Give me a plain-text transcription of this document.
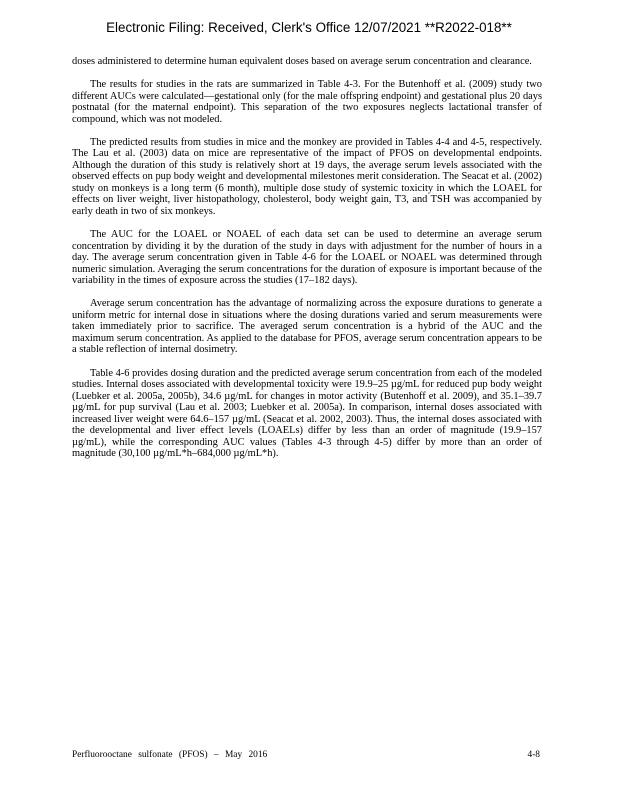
Electronic Filing: Received, Clerk's Office 12/07/2021 **R2022-018**

doses administered to determine human equivalent doses based on average serum concentration and clearance.

The results for studies in the rats are summarized in Table 4-3. For the Butenhoff et al. (2009) study two different AUCs were calculated—gestational only (for the male offspring endpoint) and gestational plus 20 days postnatal (for the maternal endpoint). This separation of the two exposures neglects lactational transfer of compound, which was not modeled.

The predicted results from studies in mice and the monkey are provided in Tables 4-4 and 4-5, respectively. The Lau et al. (2003) data on mice are representative of the impact of PFOS on developmental endpoints. Although the duration of this study is relatively short at 19 days, the average serum levels associated with the observed effects on pup body weight and developmental milestones merit consideration. The Seacat et al. (2002) study on monkeys is a long term (6 month), multiple dose study of systemic toxicity in which the LOAEL for effects on liver weight, liver histopathology, cholesterol, body weight gain, T3, and TSH was accompanied by early death in two of six monkeys.

The AUC for the LOAEL or NOAEL of each data set can be used to determine an average serum concentration by dividing it by the duration of the study in days with adjustment for the number of hours in a day. The average serum concentration given in Table 4-6 for the LOAEL or NOAEL was determined through numeric simulation. Averaging the serum concentrations for the duration of exposure is important because of the variability in the times of exposure across the studies (17–182 days).

Average serum concentration has the advantage of normalizing across the exposure durations to generate a uniform metric for internal dose in situations where the dosing durations varied and serum measurements were taken immediately prior to sacrifice. The averaged serum concentration is a hybrid of the AUC and the maximum serum concentration. As applied to the database for PFOS, average serum concentration appears to be a stable reflection of internal dosimetry.

Table 4-6 provides dosing duration and the predicted average serum concentration from each of the modeled studies. Internal doses associated with developmental toxicity were 19.9–25 µg/mL for reduced pup body weight (Luebker et al. 2005a, 2005b), 34.6 µg/mL for changes in motor activity (Butenhoff et al. 2009), and 35.1–39.7 µg/mL for pup survival (Lau et al. 2003; Luebker et al. 2005a). In comparison, internal doses associated with increased liver weight were 64.6–157 µg/mL (Seacat et al. 2002, 2003). Thus, the internal doses associated with the developmental and liver effect levels (LOAELs) differ by less than an order of magnitude (19.9–157 µg/mL), while the corresponding AUC values (Tables 4-3 through 4-5) differ by more than an order of magnitude (30,100 µg/mL*h–684,000 µg/mL*h).

Perfluorooctane sulfonate (PFOS) – May 2016	4-8
